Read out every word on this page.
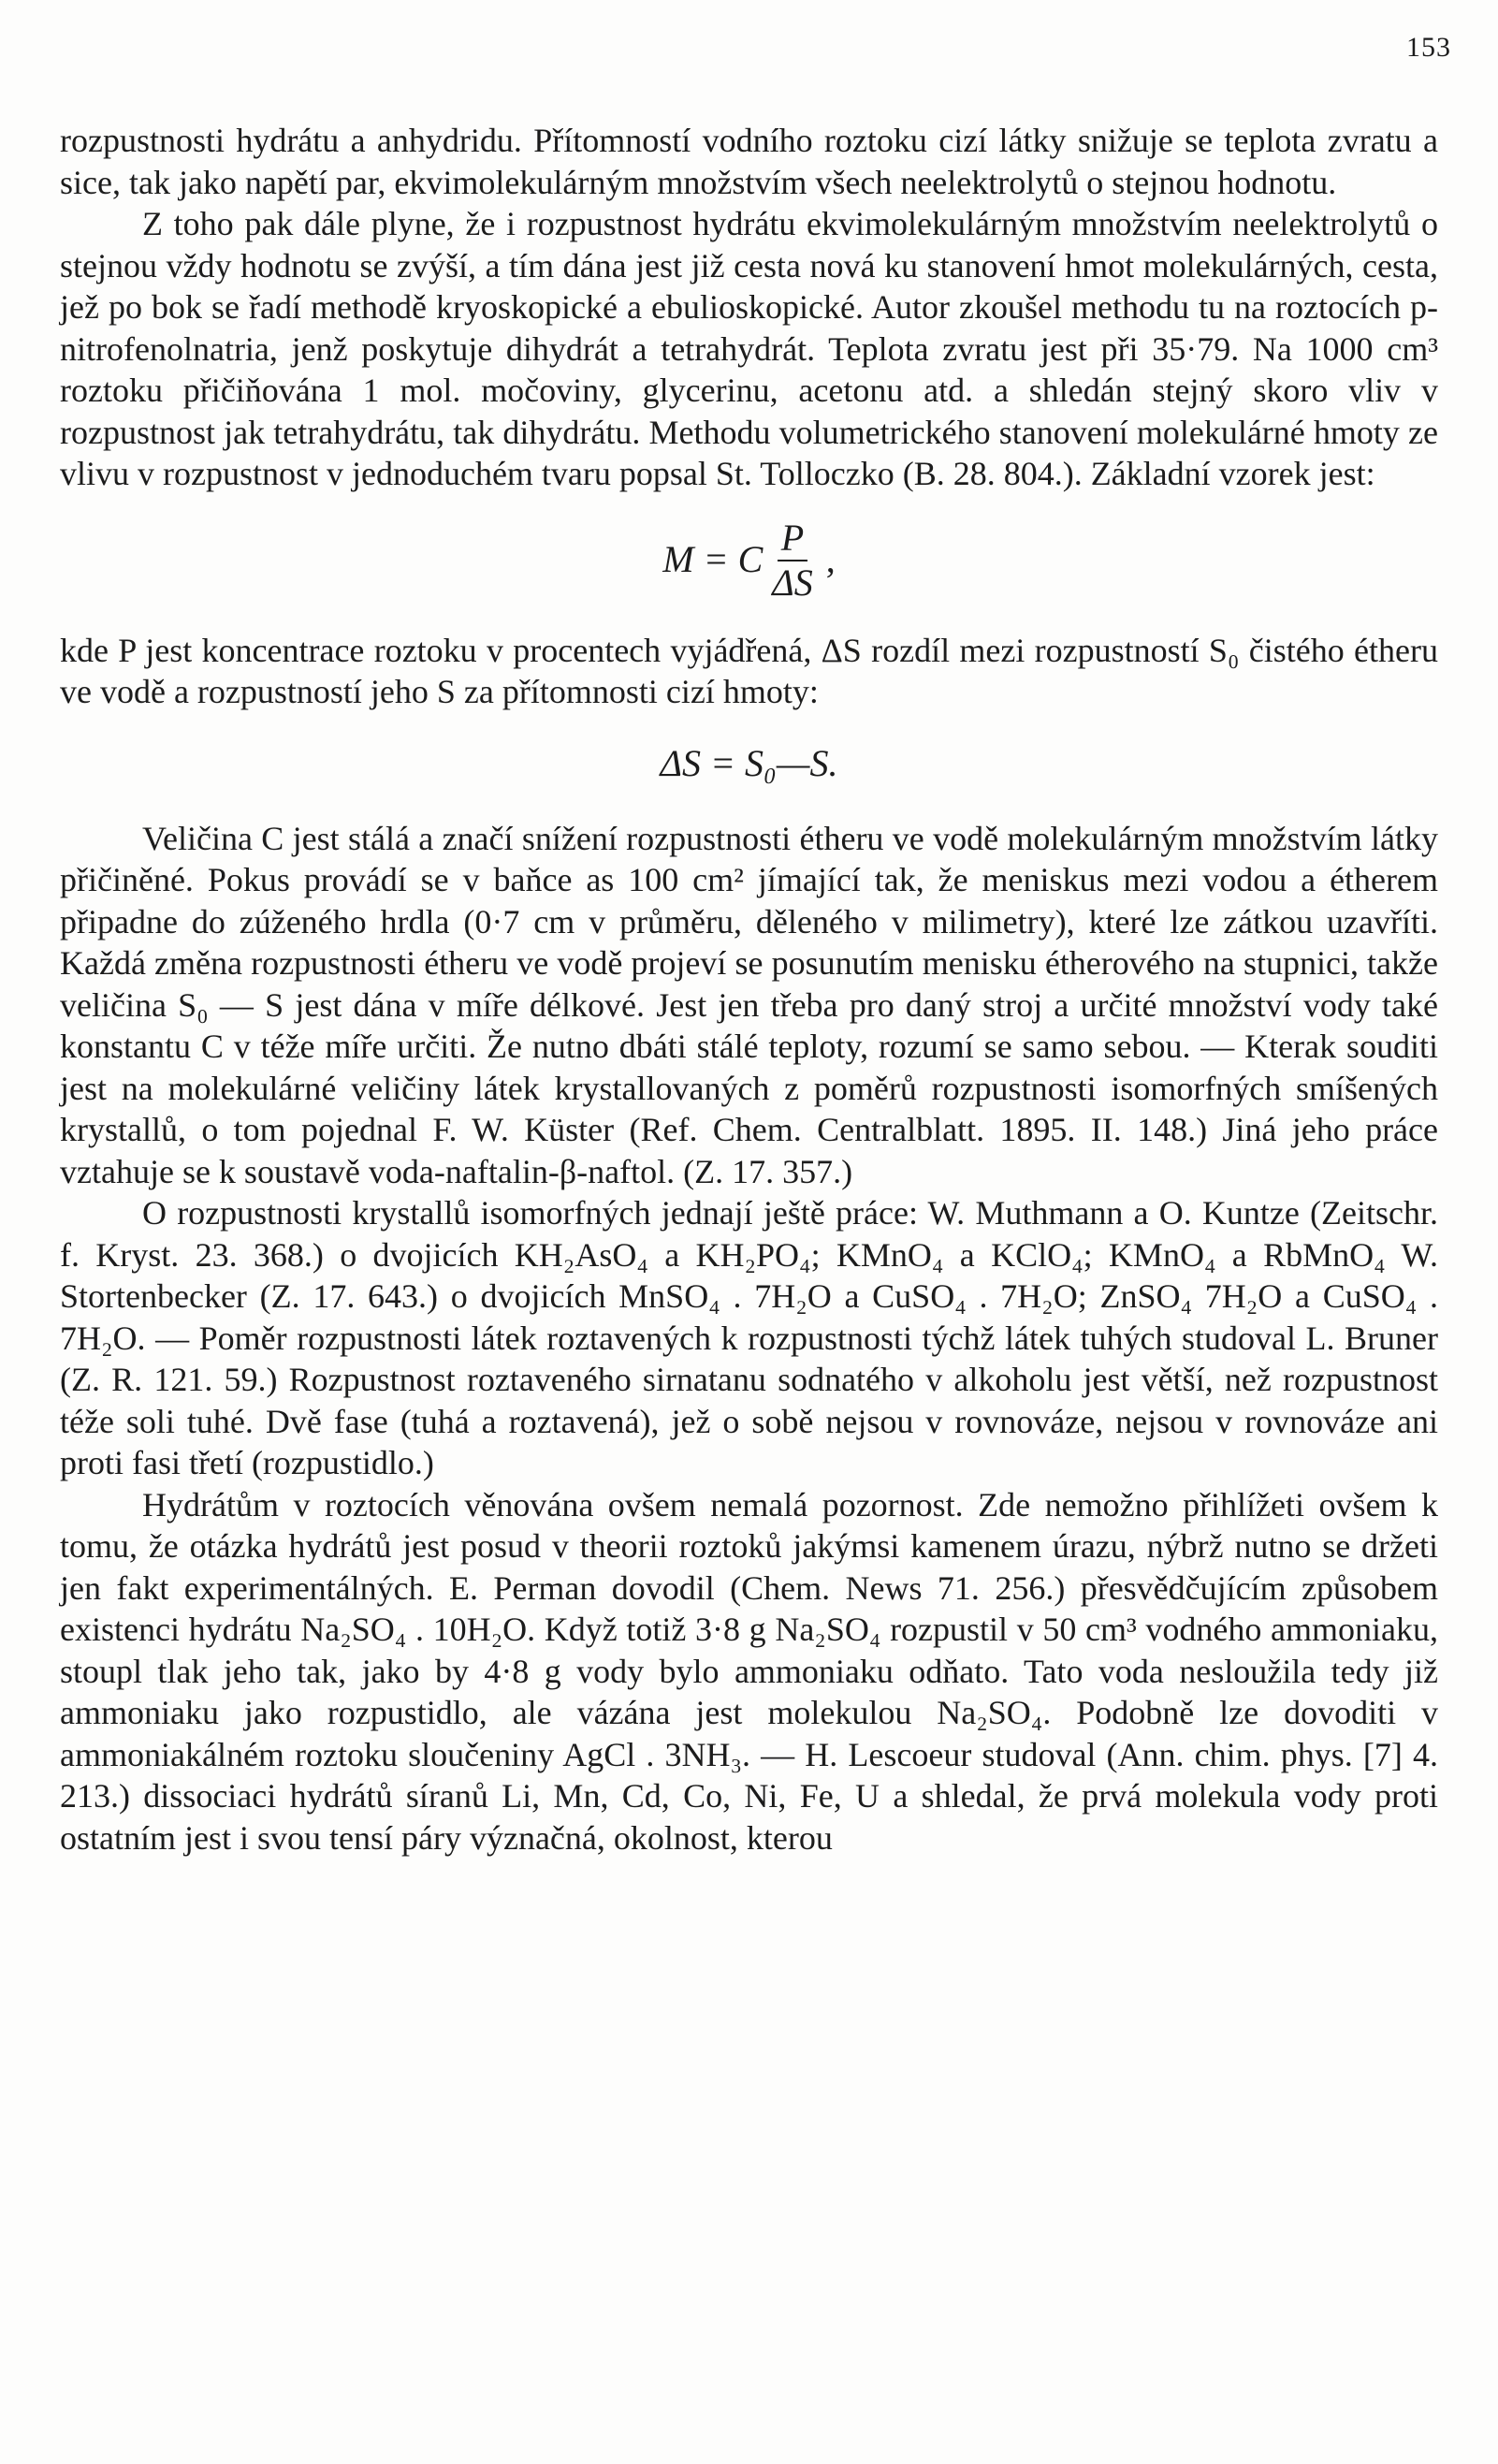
153

rozpustnosti hydrátu a anhydridu. Přítomností vodního roztoku cizí látky snižuje se teplota zvratu a sice, tak jako napětí par, ekvimolekulárným množstvím všech neelektrolytů o stejnou hodnotu.

Z toho pak dále plyne, že i rozpustnost hydrátu ekvimolekulárným množstvím neelektrolytů o stejnou vždy hodnotu se zvýší, a tím dána jest již cesta nová ku stanovení hmot molekulárných, cesta, jež po bok se řadí methodě kryoskopické a ebulioskopické. Autor zkoušel methodu tu na roztocích p-nitrofenolnatria, jenž poskytuje dihydrát a tetrahydrát. Teplota zvratu jest při 35·79. Na 1000 cm³ roztoku přičiňována 1 mol. močoviny, glycerinu, acetonu atd. a shledán stejný skoro vliv v rozpustnost jak tetrahydrátu, tak dihydrátu. Methodu volumetrického stanovení molekulárné hmoty ze vlivu v rozpustnost v jednoduchém tvaru popsal St. Tolloczko (B. 28. 804.). Základní vzorek jest:

M = C $\frac{P}{\Delta S}$ ,

kde P jest koncentrace roztoku v procentech vyjádřená, ΔS rozdíl mezi rozpustností S₀ čistého étheru ve vodě a rozpustností jeho S za přítomnosti cizí hmoty:

ΔS = S₀—S.

Veličina C jest stálá a značí snížení rozpustnosti étheru ve vodě molekulárným množstvím látky přičiněné. Pokus provádí se v baňce as 100 cm² jímající tak, že meniskus mezi vodou a étherem připadne do zúženého hrdla (0·7 cm v průměru, děleného v milimetry), které lze zátkou uzavříti. Každá změna rozpustnosti étheru ve vodě projeví se posunutím menisku étherového na stupnici, takže veličina S₀ — S jest dána v míře délkové. Jest jen třeba pro daný stroj a určité množství vody také konstantu C v téže míře určiti. Že nutno dbáti stálé teploty, rozumí se samo sebou. — Kterak souditi jest na molekulárné veličiny látek krystallovaných z poměrů rozpustnosti isomorfných smíšených krystallů, o tom pojednal F. W. Küster (Ref. Chem. Centralblatt. 1895. II. 148.) Jiná jeho práce vztahuje se k soustavě voda-naftalin-β-naftol. (Z. 17. 357.)

O rozpustnosti krystallů isomorfných jednají ještě práce: W. Muthmann a O. Kuntze (Zeitschr. f. Kryst. 23. 368.) o dvojicích KH₂AsO₄ a KH₂PO₄; KMnO₄ a KClO₄; KMnO₄ a RbMnO₄ W. Stortenbecker (Z. 17. 643.) o dvojicích MnSO₄ . 7H₂O a CuSO₄ . 7H₂O; ZnSO₄ 7H₂O a CuSO₄ . 7H₂O. — Poměr rozpustnosti látek roztavených k rozpustnosti týchž látek tuhých studoval L. Bruner (Z. R. 121. 59.) Rozpustnost roztaveného sirnatanu sodnatého v alkoholu jest větší, než rozpustnost téže soli tuhé. Dvě fase (tuhá a roztavená), jež o sobě nejsou v rovnováze, nejsou v rovnováze ani proti fasi třetí (rozpustidlo.)

Hydrátům v roztocích věnována ovšem nemalá pozornost. Zde nemožno přihlížeti ovšem k tomu, že otázka hydrátů jest posud v theorii roztoků jakýmsi kamenem úrazu, nýbrž nutno se držeti jen fakt experimentálných. E. Perman dovodil (Chem. News 71. 256.) přesvědčujícím způsobem existenci hydrátu Na₂SO₄ . 10H₂O. Když totiž 3·8 g Na₂SO₄ rozpustil v 50 cm³ vodného ammoniaku, stoupl tlak jeho tak, jako by 4·8 g vody bylo ammoniaku odňato. Tato voda nesloužila tedy již ammoniaku jako rozpustidlo, ale vázána jest molekulou Na₂SO₄. Podobně lze dovoditi v ammoniakálném roztoku sloučeniny AgCl . 3NH₃. — H. Lescoeur studoval (Ann. chim. phys. [7] 4. 213.) dissociaci hydrátů síranů Li, Mn, Cd, Co, Ni, Fe, U a shledal, že prvá molekula vody proti ostatním jest i svou tensí páry význačná, okolnost, kterou
